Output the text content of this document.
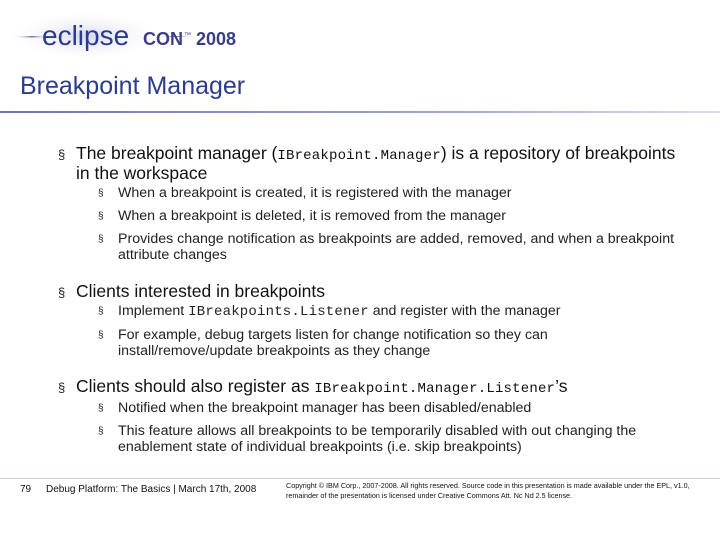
eclipse CON ™ 2008
Breakpoint Manager
§ The breakpoint manager (IBreakpoint.Manager) is a repository of breakpoints in the workspace
§	When a breakpoint is created, it is registered with the manager
§	When a breakpoint is deleted, it is removed from the manager
§	Provides change notification as breakpoints are added, removed, and when a breakpoint attribute changes
§ Clients interested in breakpoints
§	Implement IBreakpoints.Listener and register with the manager
§	For example, debug targets listen for change notification so they can install/remove/update breakpoints as they change
§ Clients should also register as IBreakpoint.Manager.Listener’s
§	Notified when the breakpoint manager has been disabled/enabled
§	This feature allows all breakpoints to be temporarily disabled with out changing the enablement state of individual breakpoints (i.e. skip breakpoints)
79 Debug Platform: The Basics | March 17th, 2008	Copyright © IBM Corp., 2007-2008. All rights reserved. Source code in this presentation is made available under the EPL, v1.0, remainder of the presentation is licensed under Creative Commons Att. Nc Nd 2.5 license.
